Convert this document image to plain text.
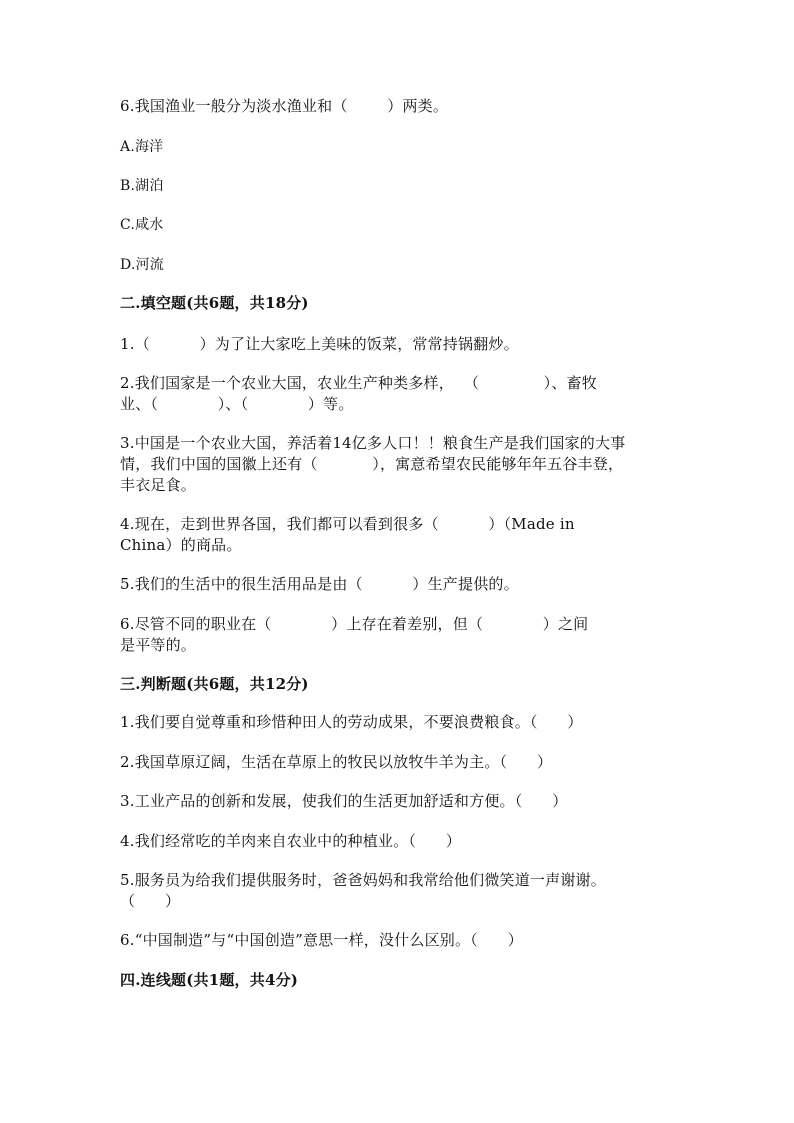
6.我国渔业一般分为淡水渔业和（        ）两类。

A.海洋

B.湖泊

C.咸水

D.河流

二.填空题(共6题，共18分)

1.（          ）为了让大家吃上美味的饭菜，常常持锅翻炒。

2.我们国家是一个农业大国，农业生产种类多样，  （             ）、畜牧

业、（            ）、（            ）等。

3.中国是一个农业大国，养活着14亿多人口！！粮食生产是我们国家的大事

情，我们中国的国徽上还有（           ），寓意希望农民能够年年五谷丰登，

丰衣足食。

4.现在，走到世界各国，我们都可以看到很多（          ）（Made in

China）的商品。

5.我们的生活中的很生活用品是由（          ）生产提供的。

6.尽管不同的职业在（            ）上存在着差别，但（            ）之间

是平等的。

三.判断题(共6题，共12分)

1.我们要自觉尊重和珍惜种田人的劳动成果，不要浪费粮食。（      ）

2.我国草原辽阔，生活在草原上的牧民以放牧牛羊为主。（      ）

3.工业产品的创新和发展，使我们的生活更加舒适和方便。（      ）

4.我们经常吃的羊肉来自农业中的种植业。（      ）

5.服务员为给我们提供服务时，爸爸妈妈和我常给他们微笑道一声谢谢。

（      ）

6.“中国制造”与“中国创造”意思一样，没什么区别。（      ）

四.连线题(共1题，共4分)
